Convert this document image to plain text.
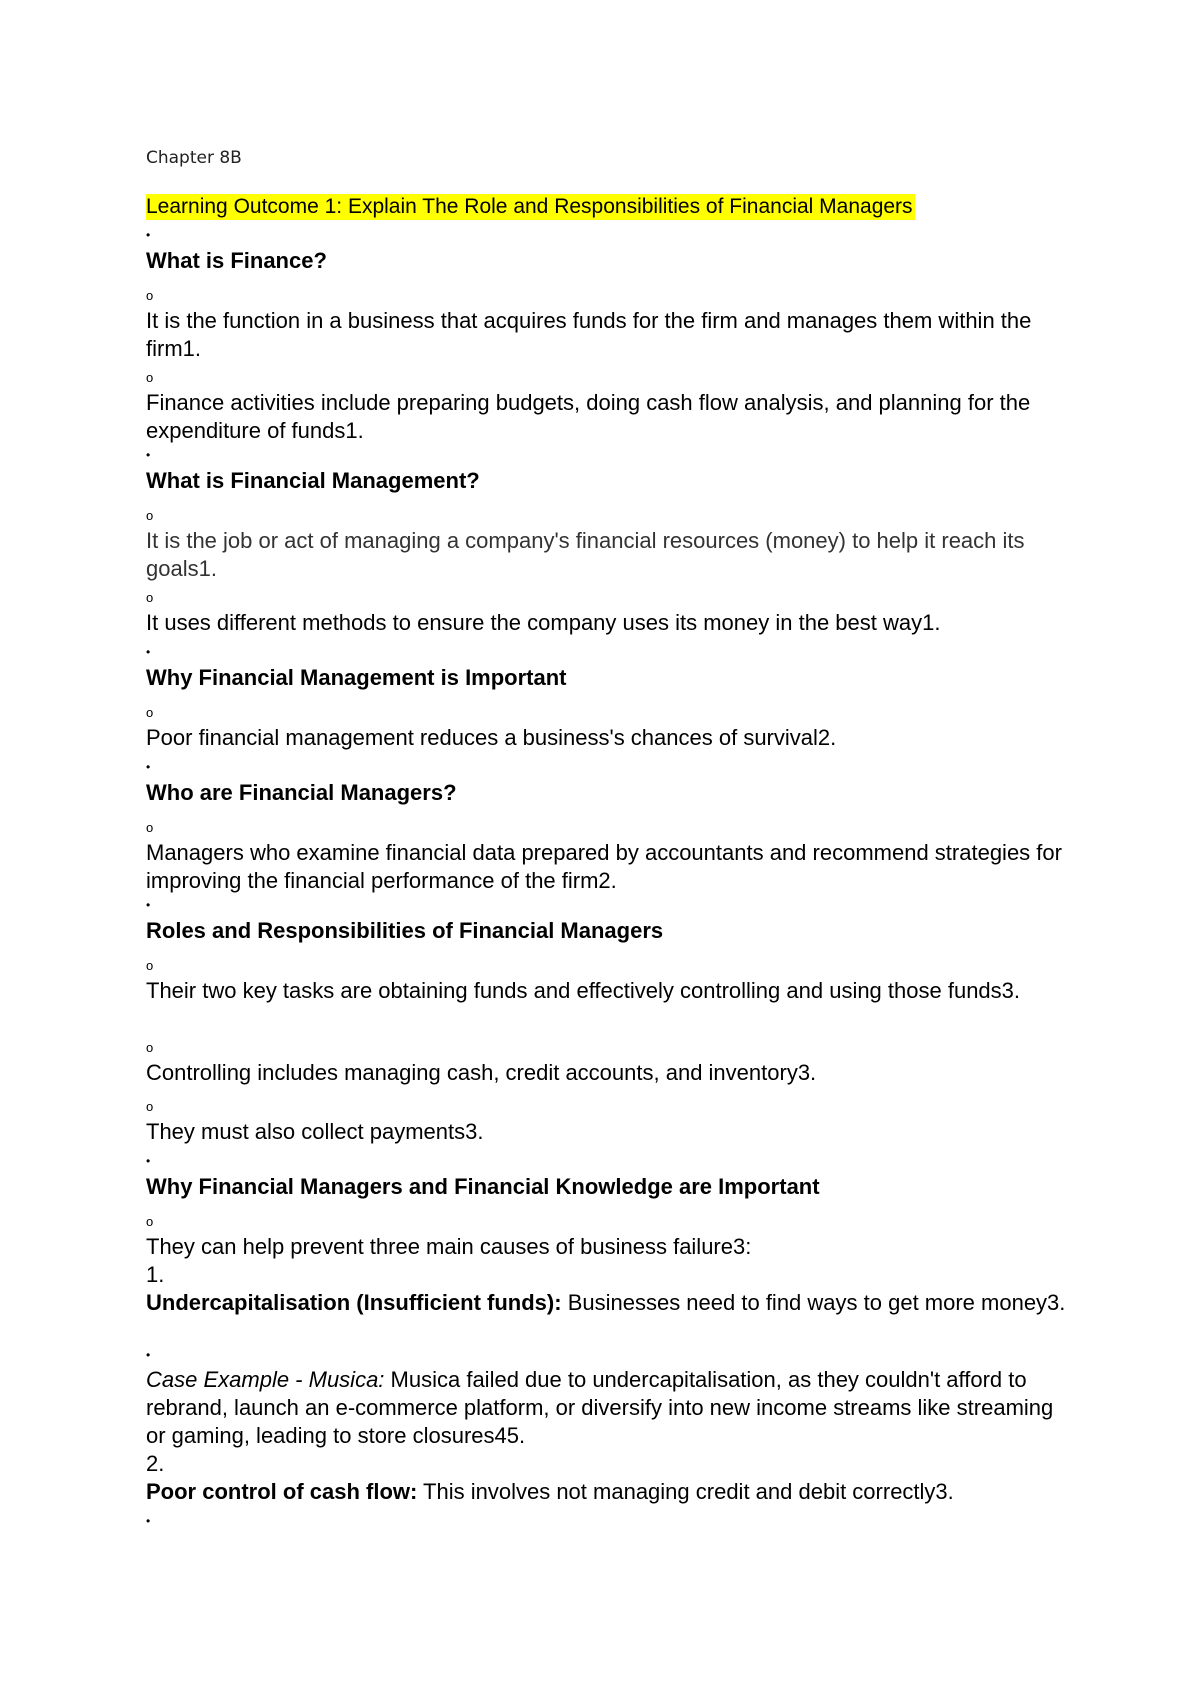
Chapter 8B
Learning Outcome 1: Explain The Role and Responsibilities of Financial Managers
•
What is Finance?
o
It is the function in a business that acquires funds for the firm and manages them within the firm1.
o
Finance activities include preparing budgets, doing cash flow analysis, and planning for the expenditure of funds1.
•
What is Financial Management?
o
It is the job or act of managing a company's financial resources (money) to help it reach its goals1.
o
It uses different methods to ensure the company uses its money in the best way1.
•
Why Financial Management is Important
o
Poor financial management reduces a business's chances of survival2.
•
Who are Financial Managers?
o
Managers who examine financial data prepared by accountants and recommend strategies for improving the financial performance of the firm2.
•
Roles and Responsibilities of Financial Managers
o
Their two key tasks are obtaining funds and effectively controlling and using those funds3.
o
Controlling includes managing cash, credit accounts, and inventory3.
o
They must also collect payments3.
•
Why Financial Managers and Financial Knowledge are Important
o
They can help prevent three main causes of business failure3:
1.
Undercapitalisation (Insufficient funds): Businesses need to find ways to get more money3.
•
Case Example - Musica: Musica failed due to undercapitalisation, as they couldn't afford to rebrand, launch an e-commerce platform, or diversify into new income streams like streaming or gaming, leading to store closures45.
2.
Poor control of cash flow: This involves not managing credit and debit correctly3.
•
